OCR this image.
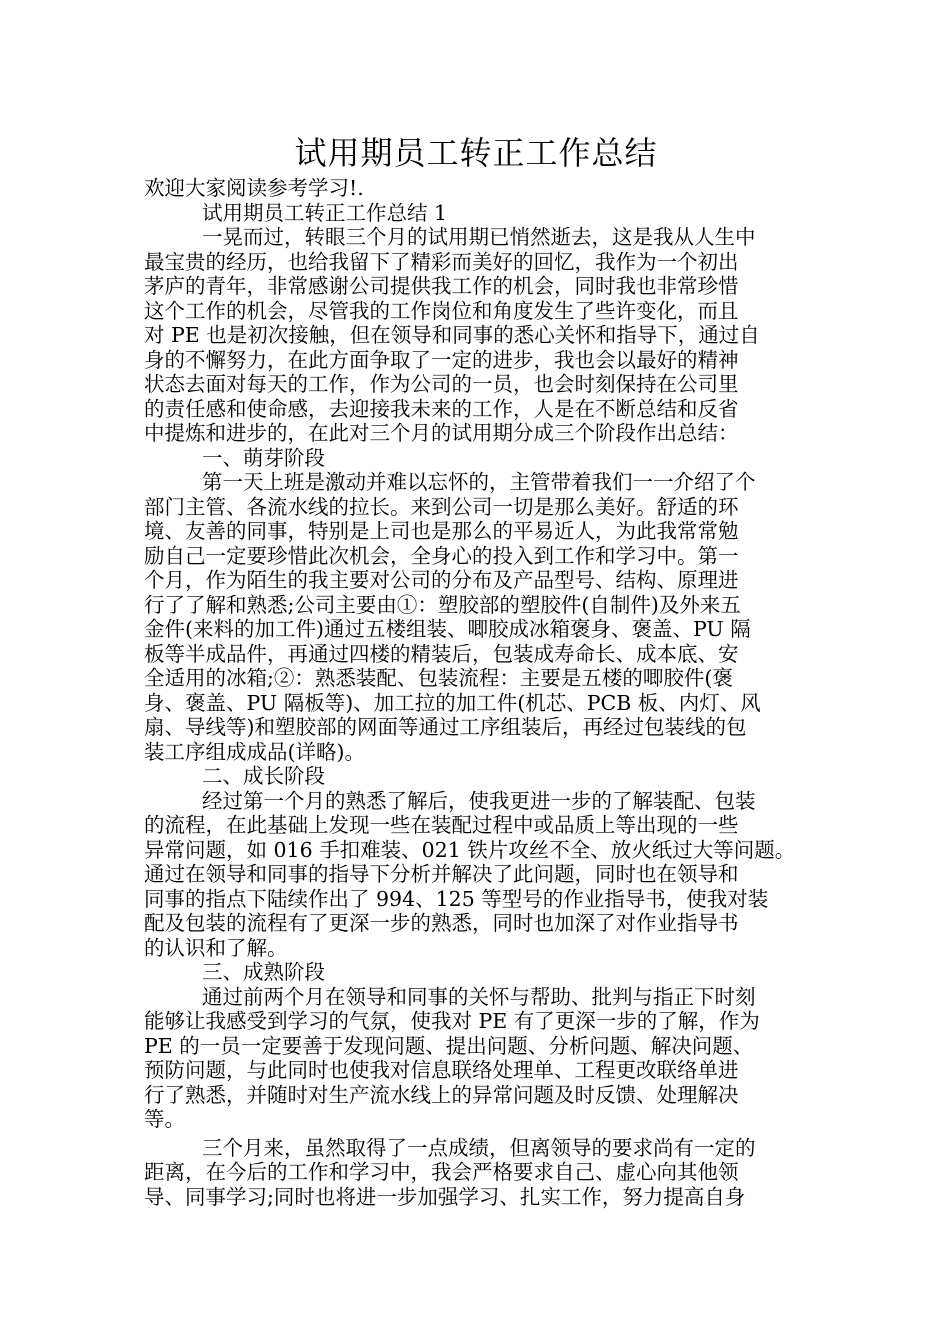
试用期员工转正工作总结

欢迎大家阅读参考学习!.

试用期员工转正工作总结 1

一晃而过，转眼三个月的试用期已悄然逝去，这是我从人生中

最宝贵的经历，也给我留下了精彩而美好的回忆，我作为一个初出

茅庐的青年，非常感谢公司提供我工作的机会，同时我也非常珍惜

这个工作的机会，尽管我的工作岗位和角度发生了些许变化，而且

对 PE 也是初次接触，但在领导和同事的悉心关怀和指导下，通过自

身的不懈努力，在此方面争取了一定的进步，我也会以最好的精神

状态去面对每天的工作，作为公司的一员，也会时刻保持在公司里

的责任感和使命感，去迎接我未来的工作，人是在不断总结和反省

中提炼和进步的，在此对三个月的试用期分成三个阶段作出总结：

一、萌芽阶段

第一天上班是激动并难以忘怀的，主管带着我们一一介绍了个

部门主管、各流水线的拉长。来到公司一切是那么美好。舒适的环

境、友善的同事，特别是上司也是那么的平易近人，为此我常常勉

励自己一定要珍惜此次机会，全身心的投入到工作和学习中。第一

个月，作为陌生的我主要对公司的分布及产品型号、结构、原理进

行了了解和熟悉;公司主要由①：塑胶部的塑胶件(自制件)及外来五

金件(来料的加工件)通过五楼组装、唧胶成冰箱褒身、褒盖、PU 隔

板等半成品件，再通过四楼的精装后，包装成寿命长、成本底、安

全适用的冰箱;②：熟悉装配、包装流程：主要是五楼的唧胶件(褒

身、褒盖、PU 隔板等)、加工拉的加工件(机芯、PCB 板、内灯、风

扇、导线等)和塑胶部的网面等通过工序组装后，再经过包装线的包

装工序组成成品(详略)。

二、成长阶段

经过第一个月的熟悉了解后，使我更进一步的了解装配、包装

的流程，在此基础上发现一些在装配过程中或品质上等出现的一些

异常问题，如 016 手扣难装、021 铁片攻丝不全、放火纸过大等问题。

通过在领导和同事的指导下分析并解决了此问题，同时也在领导和

同事的指点下陆续作出了 994、125 等型号的作业指导书，使我对装

配及包装的流程有了更深一步的熟悉，同时也加深了对作业指导书

的认识和了解。

三、成熟阶段

通过前两个月在领导和同事的关怀与帮助、批判与指正下时刻

能够让我感受到学习的气氛，使我对 PE 有了更深一步的了解，作为

PE 的一员一定要善于发现问题、提出问题、分析问题、解决问题、

预防问题，与此同时也使我对信息联络处理单、工程更改联络单进

行了熟悉，并随时对生产流水线上的异常问题及时反馈、处理解决

等。

三个月来，虽然取得了一点成绩，但离领导的要求尚有一定的

距离，在今后的工作和学习中，我会严格要求自己、虚心向其他领

导、同事学习;同时也将进一步加强学习、扎实工作，努力提高自身
